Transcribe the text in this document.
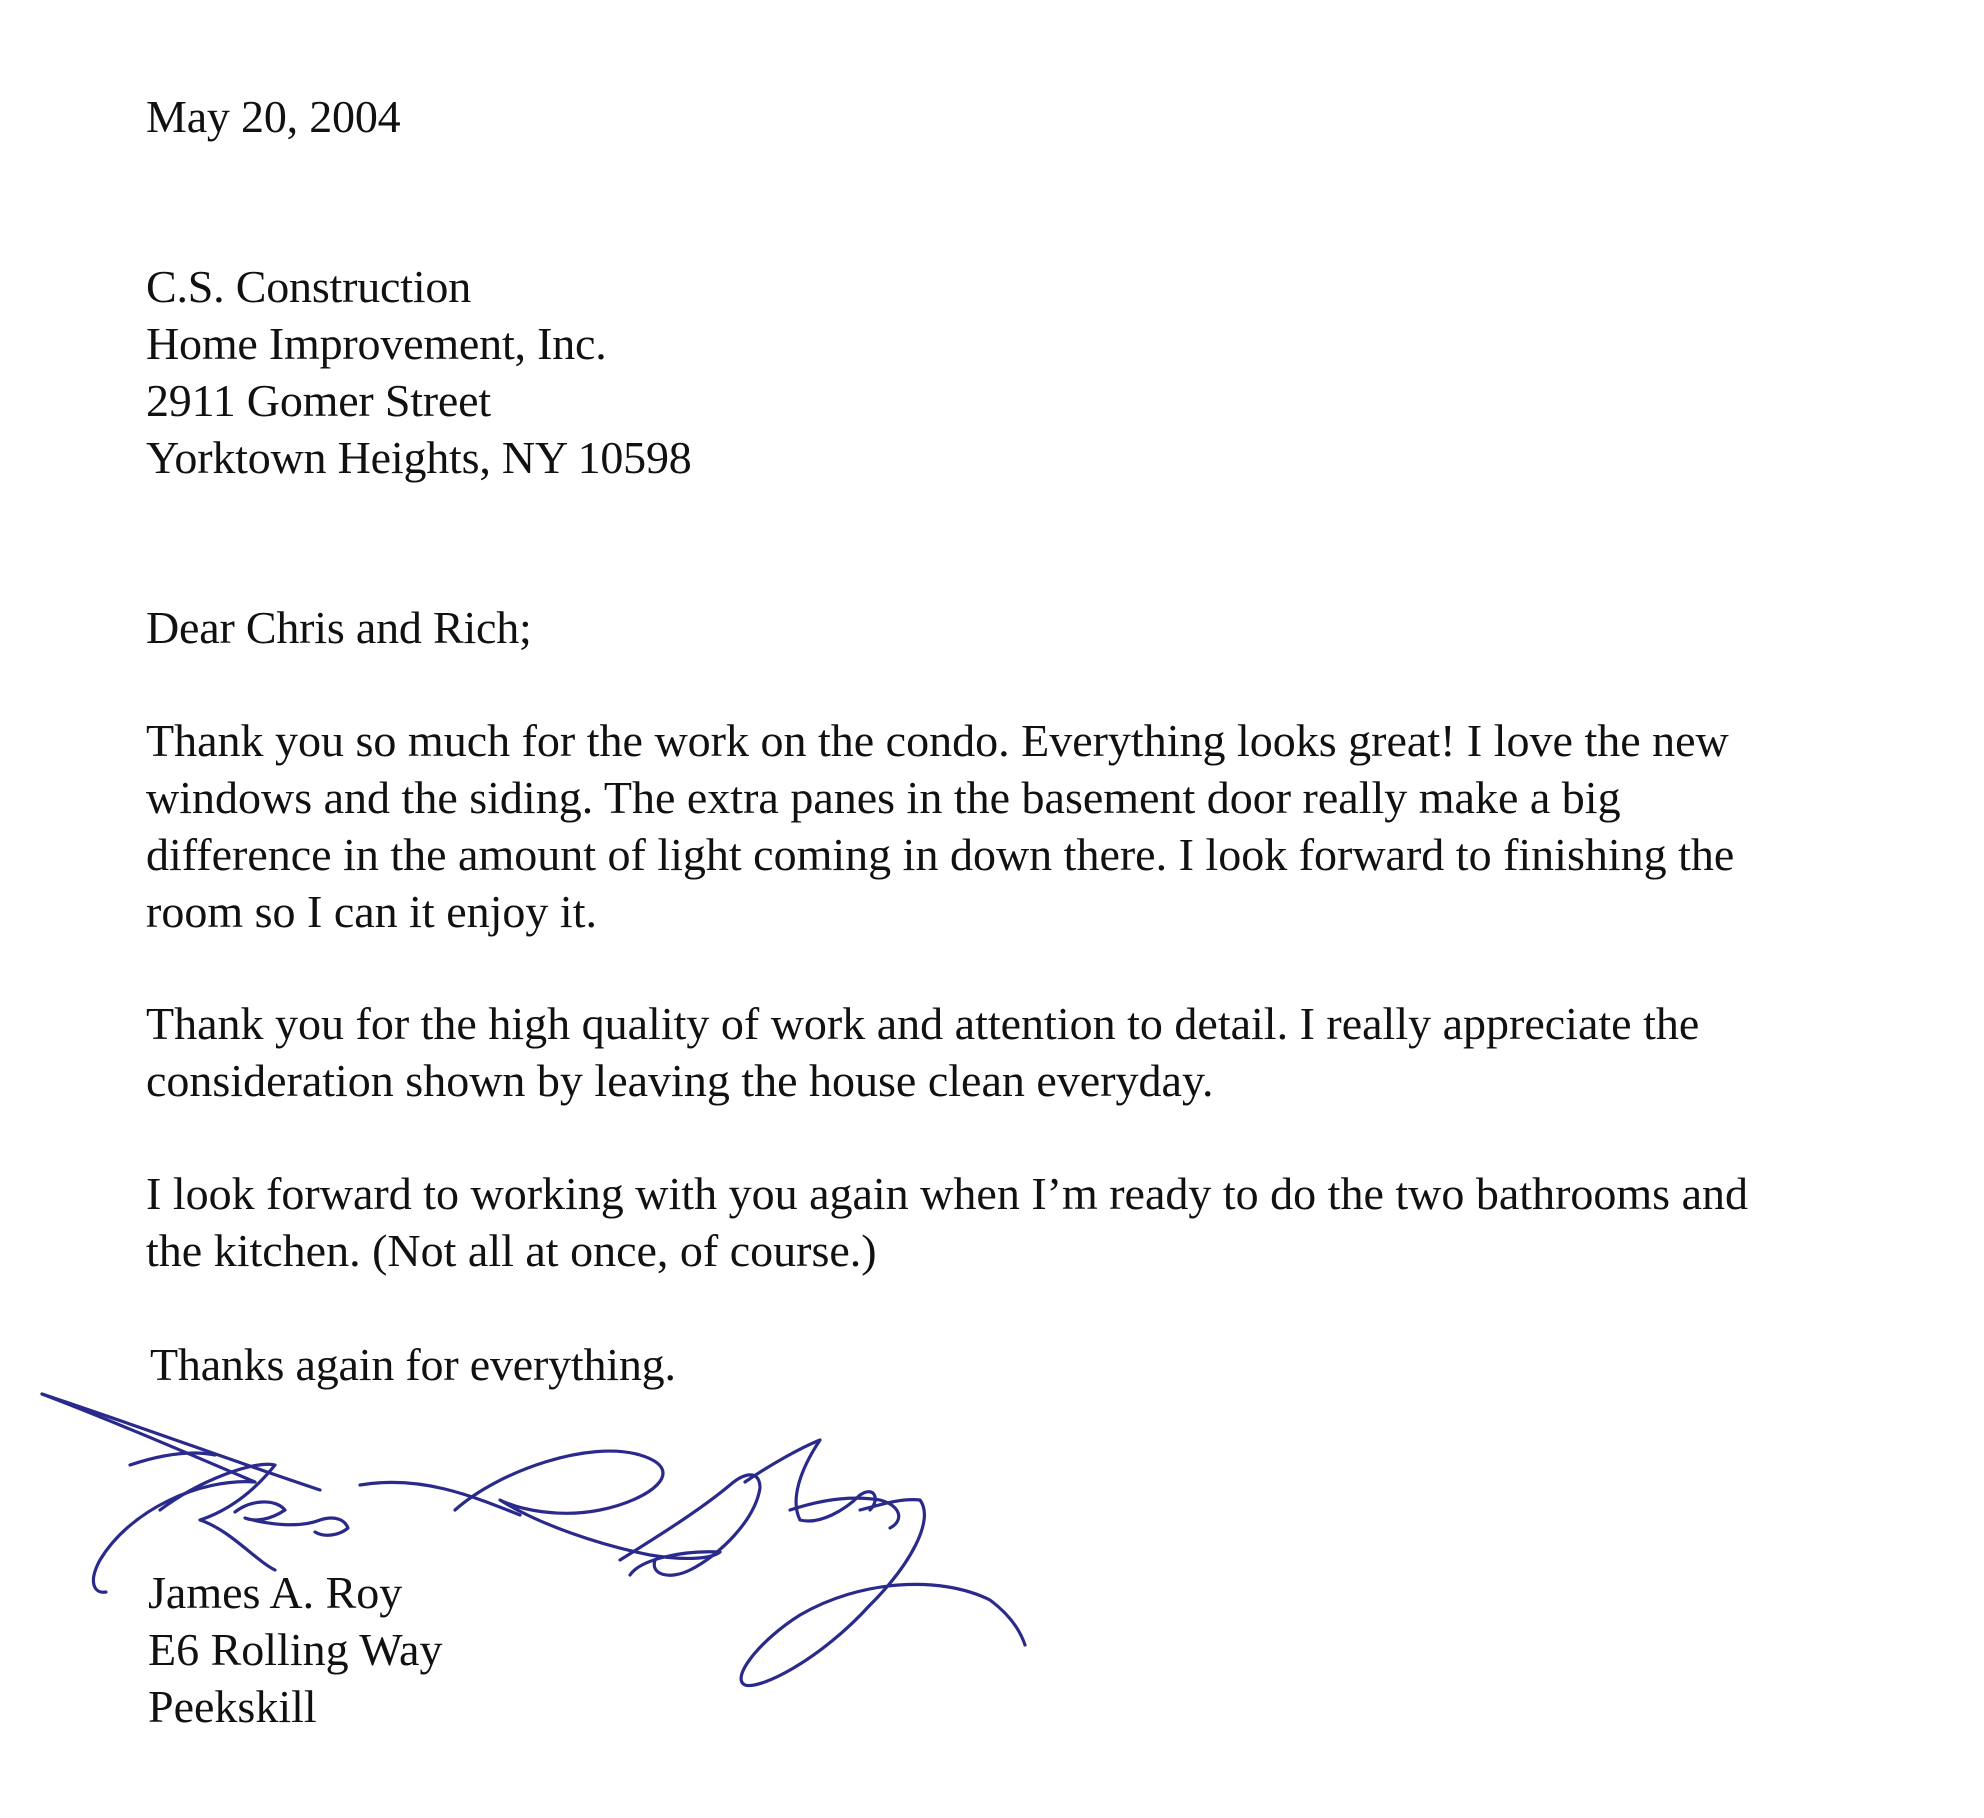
May 20, 2004
C.S. Construction
Home Improvement, Inc.
2911 Gomer Street
Yorktown Heights, NY 10598
Dear Chris and Rich;
Thank you so much for the work on the condo. Everything looks great! I love the new
windows and the siding. The extra panes in the basement door really make a big
difference in the amount of light coming in down there. I look forward to finishing the
room so I can it enjoy it.
Thank you for the high quality of work and attention to detail. I really appreciate the
consideration shown by leaving the house clean everyday.
I look forward to working with you again when I’m ready to do the two bathrooms and
the kitchen. (Not all at once, of course.)
Thanks again for everything.
James A. Roy
E6 Rolling Way
Peekskill
